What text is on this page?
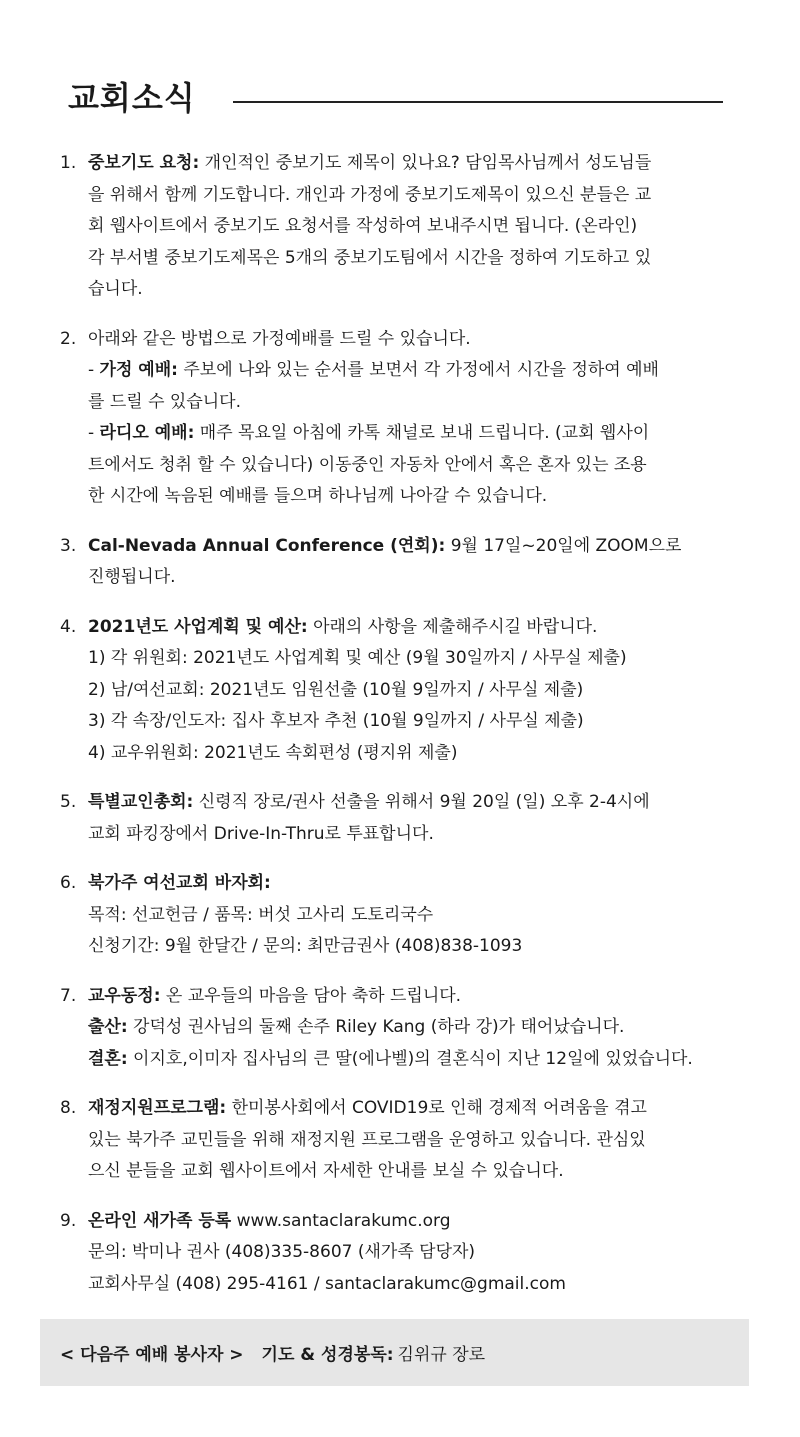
교회소식
1. 중보기도 요청: 개인적인 중보기도 제목이 있나요? 담임목사님께서 성도님들
을 위해서 함께 기도합니다. 개인과 가정에 중보기도제목이 있으신 분들은 교
회 웹사이트에서 중보기도 요청서를 작성하여 보내주시면 됩니다. (온라인)
각 부서별 중보기도제목은 5개의 중보기도팀에서 시간을 정하여 기도하고 있
습니다.
2. 아래와 같은 방법으로 가정예배를 드릴 수 있습니다.
- 가정 예배: 주보에 나와 있는 순서를 보면서 각 가정에서 시간을 정하여 예배
를 드릴 수 있습니다.
- 라디오 예배: 매주 목요일 아침에 카톡 채널로 보내 드립니다. (교회 웹사이
트에서도 청취 할 수 있습니다) 이동중인 자동차 안에서 혹은 혼자 있는 조용
한 시간에 녹음된 예배를 들으며 하나님께 나아갈 수 있습니다.
3. Cal-Nevada Annual Conference (연회): 9월 17일~20일에 ZOOM으로
진행됩니다.
4. 2021년도 사업계획 및 예산: 아래의 사항을 제출해주시길 바랍니다.
1) 각 위원회: 2021년도 사업계획 및 예산 (9월 30일까지 / 사무실 제출)
2) 남/여선교회: 2021년도 임원선출 (10월 9일까지 / 사무실 제출)
3) 각 속장/인도자: 집사 후보자 추천 (10월 9일까지 / 사무실 제출)
4) 교우위원회: 2021년도 속회편성 (평지위 제출)
5. 특별교인총회: 신령직 장로/권사 선출을 위해서 9월 20일 (일) 오후 2-4시에
교회 파킹장에서 Drive-In-Thru로 투표합니다.
6. 북가주 여선교회 바자회:
목적: 선교헌금 / 품목: 버섯 고사리 도토리국수
신청기간: 9월 한달간 / 문의: 최만금권사 (408)838-1093
7. 교우동정: 온 교우들의 마음을 담아 축하 드립니다.
출산: 강덕성 권사님의 둘째 손주 Riley Kang (하라 강)가 태어났습니다.
결혼: 이지호,이미자 집사님의 큰 딸(에나벨)의 결혼식이 지난 12일에 있었습니다.
8. 재정지원프로그램: 한미봉사회에서 COVID19로 인해 경제적 어려움을 겪고
있는 북가주 교민들을 위해 재정지원 프로그램을 운영하고 있습니다. 관심있
으신 분들을 교회 웹사이트에서 자세한 안내를 보실 수 있습니다.
9. 온라인 새가족 등록 www.santaclarakumc.org
문의: 박미나 권사 (408)335-8607 (새가족 담당자)
교회사무실 (408) 295-4161 / santaclarakumc@gmail.com
< 다음주 예배 봉사자 > 기도 & 성경봉독: 김위규 장로
